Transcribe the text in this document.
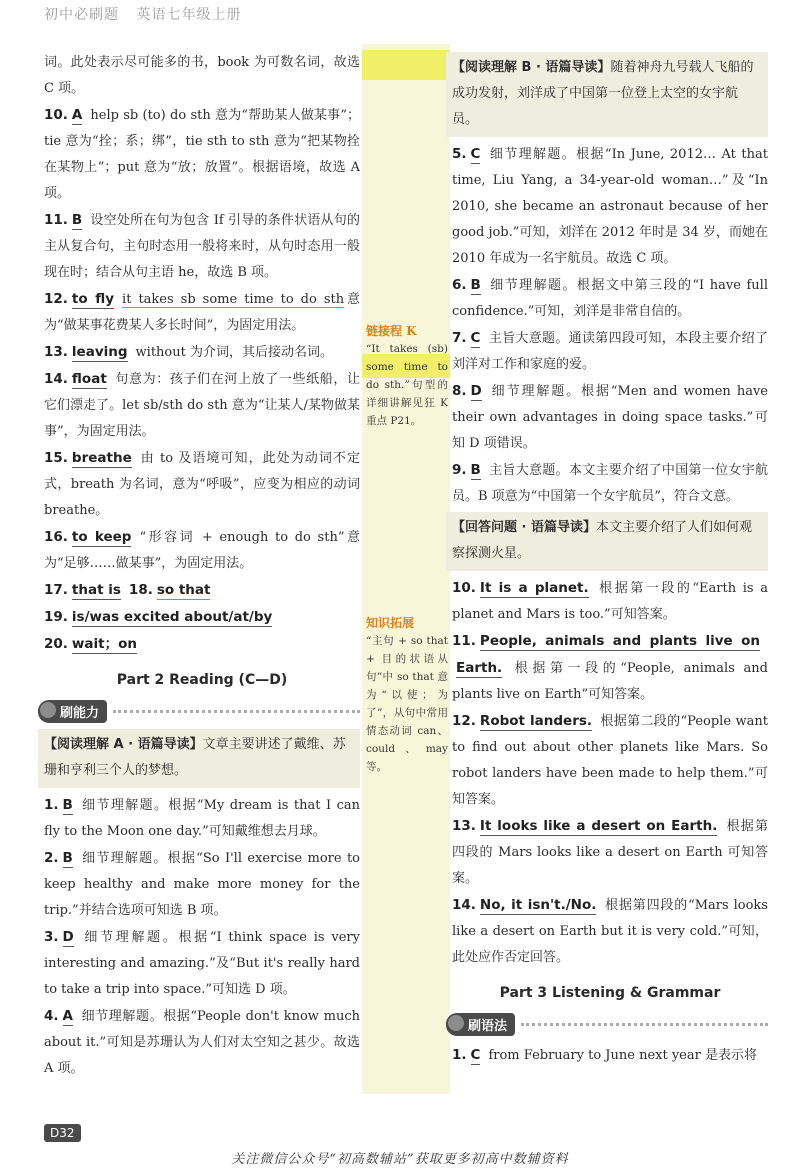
初中必刷题 英语七年级上册
链接程 K
“It takes (sb) some time to do sth.”句型的详细讲解见狂 K 重点 P21。
知识拓展
“主句 + so that + 目的状语从句”中 so that 意为“以使；为了”，从句中常用情态动词 can、could、may 等。

词。此处表示尽可能多的书，book 为可数名词，故选 C 项。

10. A help sb (to) do sth 意为“帮助某人做某事”；tie 意为“拴；系；绑”，tie sth to sth 意为“把某物拴在某物上”；put 意为“放；放置”。根据语境，故选 A 项。

11. B 设空处所在句为包含 If 引导的条件状语从句的主从复合句，主句时态用一般将来时，从句时态用一般现在时；结合从句主语 he，故选 B 项。

12. to fly it takes sb some time to do sth意为“做某事花费某人多长时间”，为固定用法。

13. leaving without 为介词，其后接动名词。

14. float 句意为：孩子们在河上放了一些纸船，让它们漂走了。let sb/sth do sth 意为“让某人/某物做某事”，为固定用法。

15. breathe 由 to 及语境可知，此处为动词不定式，breath 为名词，意为“呼吸”，应变为相应的动词 breathe。

16. to keep “形容词 + enough to do sth”意为“足够……做某事”，为固定用法。

17. that is 18. so that

19. is/was excited about/at/by

20. wait；on

Part 2 Reading (C—D)
刷能力
【阅读理解 A · 语篇导读】文章主要讲述了戴维、苏珊和亨利三个人的梦想。

1. B 细节理解题。根据“My dream is that I can fly to the Moon one day.”可知戴维想去月球。

2. B 细节理解题。根据“So I'll exercise more to keep healthy and make more money for the trip.”并结合选项可知选 B 项。

3. D 细节理解题。根据“I think space is very interesting and amazing.”及“But it's really hard to take a trip into space.”可知选 D 项。

4. A 细节理解题。根据“People don't know much about it.”可知是苏珊认为人们对太空知之甚少。故选 A 项。

【阅读理解 B · 语篇导读】随着神舟九号载人飞船的成功发射，刘洋成了中国第一位登上太空的女宇航员。

5. C 细节理解题。根据“In June, 2012… At that time, Liu Yang, a 34-year-old woman…”及“In 2010, she became an astronaut because of her good job.”可知，刘洋在 2012 年时是 34 岁，而她在 2010 年成为一名宇航员。故选 C 项。

6. B 细节理解题。根据文中第三段的“I have full confidence.”可知，刘洋是非常自信的。

7. C 主旨大意题。通读第四段可知，本段主要介绍了刘洋对工作和家庭的爱。

8. D 细节理解题。根据“Men and women have their own advantages in doing space tasks.”可知 D 项错误。

9. B 主旨大意题。本文主要介绍了中国第一位女宇航员。B 项意为“中国第一个女宇航员”，符合文意。

【回答问题 · 语篇导读】本文主要介绍了人们如何观察探测火星。

10. It is a planet. 根据第一段的“Earth is a planet and Mars is too.”可知答案。

11. People, animals and plants live on Earth. 根据第一段的“People, animals and plants live on Earth”可知答案。

12. Robot landers. 根据第二段的“People want to find out about other planets like Mars. So robot landers have been made to help them.”可知答案。

13. It looks like a desert on Earth. 根据第四段的 Mars looks like a desert on Earth 可知答案。

14. No, it isn't./No. 根据第四段的“Mars looks like a desert on Earth but it is very cold.”可知，此处应作否定回答。

Part 3 Listening & Grammar
刷语法

1. C from February to June next year 是表示将

D32
关注微信公众号“初高数辅站”获取更多初高中数辅资料
